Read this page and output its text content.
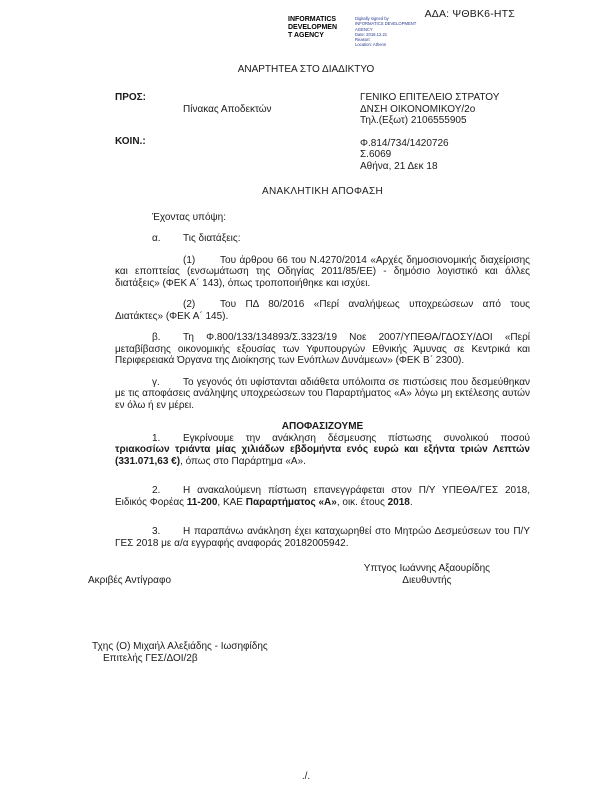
ΑΔΑ: ΨΘΒΚ6-ΗΤΣ
INFORMATICS
DEVELOPMEN
T AGENCY
Digitally signed by
INFORMATICS DEVELOPMENT AGENCY
Date: 2018.12.21
Reason:
Location: Athens
ΑΝΑΡΤΗΤΕΑ ΣΤΟ ΔΙΑΔΙΚΤΥΟ
ΠΡΟΣ:
Πίνακας Αποδεκτών
ΚΟΙΝ.:
ΓΕΝΙΚΟ ΕΠΙΤΕΛΕΙΟ ΣΤΡΑΤΟΥ
ΔΝΣΗ ΟΙΚΟΝΟΜΙΚΟΥ/2ο
Τηλ.(Εξωτ) 2106555905
Φ.814/734/1420726
Σ.6069
Αθήνα, 21 Δεκ 18
ΑΝΑΚΛΗΤΙΚΗ ΑΠΟΦΑΣΗ

Έχοντας υπόψη:

α. Τις διατάξεις:

(1) Του άρθρου 66 του Ν.4270/2014 «Αρχές δημοσιονομικής διαχείρισης και εποπτείας (ενσωμάτωση της Οδηγίας 2011/85/ΕΕ) - δημόσιο λογιστικό και άλλες διατάξεις» (ΦΕΚ Α΄ 143), όπως τροποποιήθηκε και ισχύει.

(2) Του ΠΔ 80/2016 «Περί αναλήψεως υποχρεώσεων από τους Διατάκτες» (ΦΕΚ Α΄ 145).

β. Τη Φ.800/133/134893/Σ.3323/19 Νοε 2007/ΥΠΕΘΑ/ΓΔΟΣΥ/ΔΟΙ «Περί μεταβίβασης οικονομικής εξουσίας των Υφυπουργών Εθνικής Άμυνας σε Κεντρικά και Περιφερειακά Όργανα της Διοίκησης των Ενόπλων Δυνάμεων» (ΦΕΚ Β΄ 2300).

γ. Το γεγονός ότι υφίστανται αδιάθετα υπόλοιπα σε πιστώσεις που δεσμεύθηκαν με τις αποφάσεις ανάληψης υποχρεώσεων του Παραρτήματος «Α» λόγω μη εκτέλεσης αυτών εν όλω ή εν μέρει.

ΑΠΟΦΑΣΙΖΟΥΜΕ

1. Εγκρίνουμε την ανάκληση δέσμευσης πίστωσης συνολικού ποσού τριακοσίων τριάντα μίας χιλιάδων εβδομήντα ενός ευρώ και εξήντα τριών Λεπτών (331.071,63 €), όπως στο Παράρτημα «Α».

2. Η ανακαλούμενη πίστωση επανεγγράφεται στον Π/Υ ΥΠΕΘΑ/ΓΕΣ 2018, Ειδικός Φορέας 11-200, ΚΑΕ Παραρτήματος «Α», οικ. έτους 2018.

3. Η παραπάνω ανάκληση έχει καταχωρηθεί στο Μητρώο Δεσμεύσεων του Π/Υ ΓΕΣ 2018 με α/α εγγραφής αναφοράς 20182005942.

Υπτγος Ιωάννης Αξαουρίδης
Διευθυντής
Ακριβές Αντίγραφο
Τχης (Ο) Μιχαήλ Αλεξιάδης - Ιωσηφίδης
Επιτελής ΓΕΣ/ΔΟΙ/2β
./.
